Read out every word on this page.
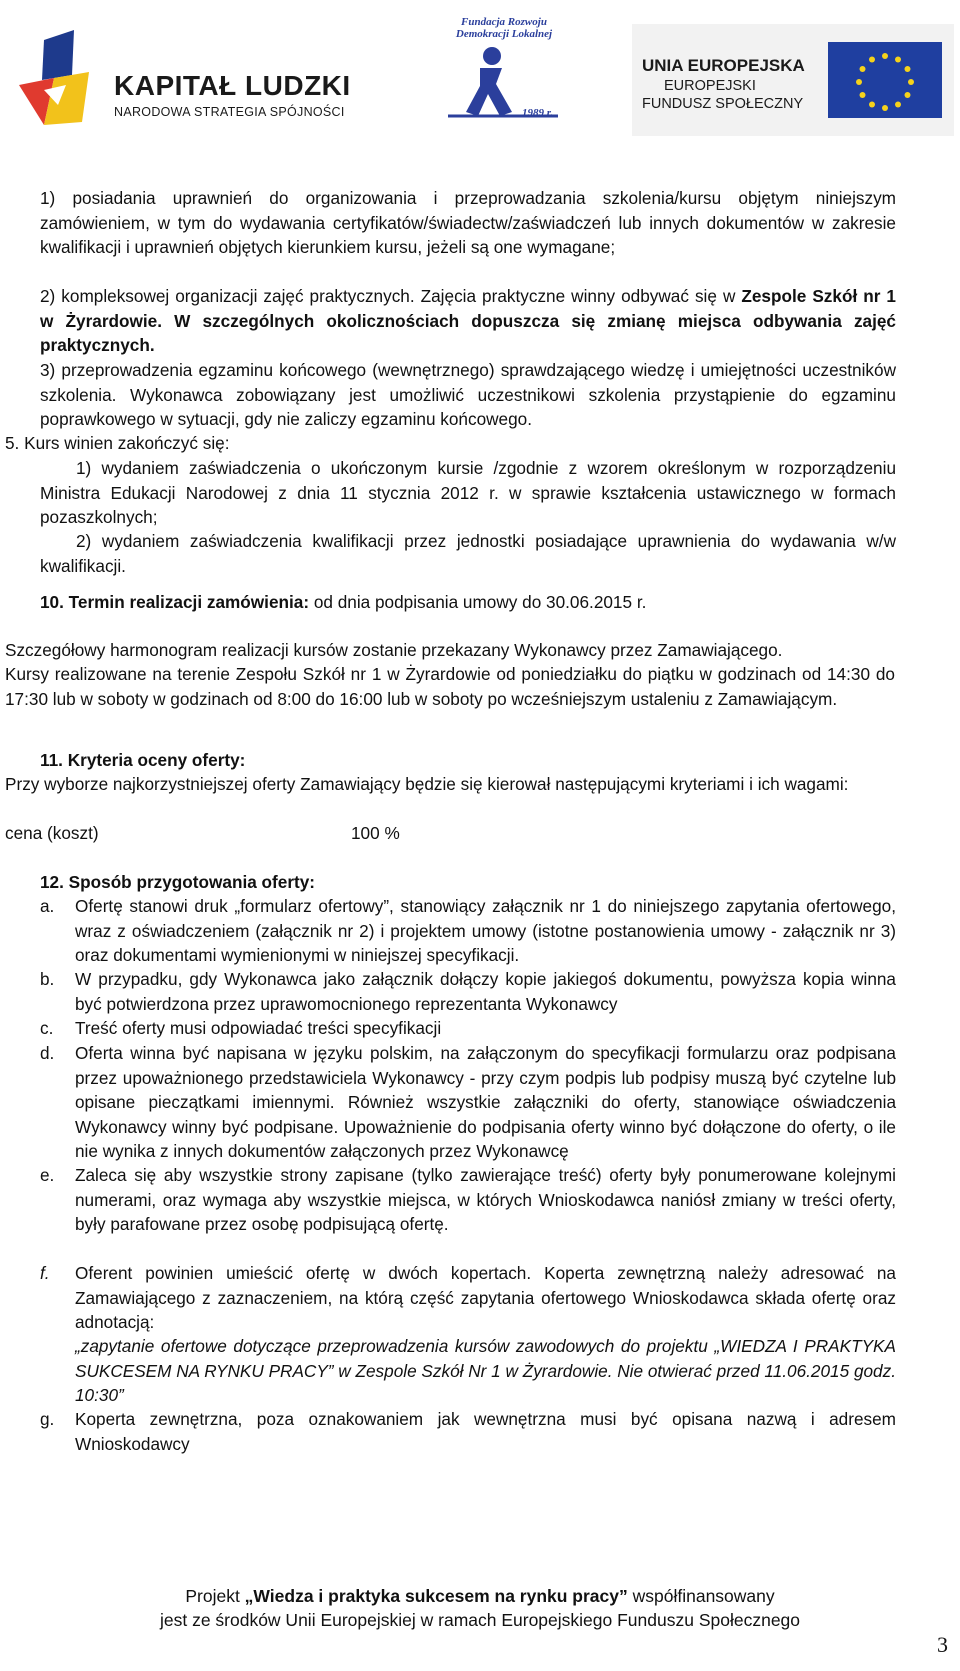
KAPITAŁ LUDZKI
NARODOWA STRATEGIA SPÓJNOŚCI
Fundacja Rozwoju Demokracji Lokalnej
1989 r.
UNIA EUROPEJSKA
EUROPEJSKI
FUNDUSZ SPOŁECZNY
1) posiadania uprawnień do organizowania i przeprowadzania szkolenia/kursu objętym niniejszym zamówieniem, w tym do wydawania certyfikatów/świadectw/zaświadczeń lub innych dokumentów w zakresie kwalifikacji i uprawnień objętych kierunkiem kursu, jeżeli są one wymagane;
2) kompleksowej organizacji zajęć praktycznych. Zajęcia praktyczne winny odbywać się w Zespole Szkół nr 1 w Żyrardowie. W szczególnych okolicznościach dopuszcza się zmianę miejsca odbywania zajęć praktycznych.
3) przeprowadzenia egzaminu końcowego (wewnętrznego) sprawdzającego wiedzę i umiejętności uczestników szkolenia. Wykonawca zobowiązany jest umożliwić uczestnikowi szkolenia przystąpienie do egzaminu poprawkowego w sytuacji, gdy nie zaliczy egzaminu końcowego.
5. Kurs winien zakończyć się:
1) wydaniem zaświadczenia o ukończonym kursie /zgodnie z wzorem określonym w rozporządzeniu Ministra Edukacji Narodowej z dnia 11 stycznia 2012 r. w sprawie kształcenia ustawicznego w formach pozaszkolnych;
2) wydaniem zaświadczenia kwalifikacji przez jednostki posiadające uprawnienia do wydawania w/w kwalifikacji.
10. Termin realizacji zamówienia: od dnia podpisania umowy do 30.06.2015 r.
Szczegółowy harmonogram realizacji kursów zostanie przekazany Wykonawcy przez Zamawiającego.
Kursy realizowane na terenie Zespołu Szkół nr 1 w Żyrardowie od poniedziałku do piątku w godzinach od 14:30 do 17:30 lub w soboty w godzinach od 8:00 do 16:00 lub w soboty po wcześniejszym ustaleniu z Zamawiającym.
11. Kryteria oceny oferty:
Przy wyborze najkorzystniejszej oferty Zamawiający będzie się kierował następującymi kryteriami i ich wagami:
cena (koszt)	100 %
12. Sposób przygotowania oferty:
a.	Ofertę stanowi druk „formularz ofertowy”, stanowiący załącznik nr 1 do niniejszego zapytania ofertowego, wraz z oświadczeniem (załącznik nr 2) i projektem umowy (istotne postanowienia umowy - załącznik nr 3) oraz dokumentami wymienionymi w niniejszej specyfikacji.
b.	W przypadku, gdy Wykonawca jako załącznik dołączy kopie jakiegoś dokumentu, powyższa kopia winna być potwierdzona przez uprawomocnionego reprezentanta Wykonawcy
c.	Treść oferty musi odpowiadać treści specyfikacji
d.	Oferta winna być napisana w języku polskim, na załączonym do specyfikacji formularzu oraz podpisana przez upoważnionego przedstawiciela Wykonawcy - przy czym podpis lub podpisy muszą być czytelne lub opisane pieczątkami imiennymi. Również wszystkie załączniki do oferty, stanowiące oświadczenia Wykonawcy winny być podpisane. Upoważnienie do podpisania oferty winno być dołączone do oferty, o ile nie wynika z innych dokumentów załączonych przez Wykonawcę
e.	Zaleca się aby wszystkie strony zapisane (tylko zawierające treść) oferty były ponumerowane kolejnymi numerami, oraz wymaga aby wszystkie miejsca, w których Wnioskodawca naniósł zmiany w treści oferty, były parafowane przez osobę podpisującą ofertę.
f.	Oferent powinien umieścić ofertę w dwóch kopertach. Koperta zewnętrzną należy adresować na Zamawiającego z zaznaczeniem, na którą część zapytania ofertowego Wnioskodawca składa ofertę oraz adnotacją:
„zapytanie ofertowe dotyczące przeprowadzenia kursów zawodowych do projektu „WIEDZA I PRAKTYKA SUKCESEM NA RYNKU PRACY” w Zespole Szkół Nr 1 w Żyrardowie. Nie otwierać przed 11.06.2015 godz. 10:30”
g.	Koperta zewnętrzna, poza oznakowaniem jak wewnętrzna musi być opisana nazwą i adresem Wnioskodawcy
Projekt „Wiedza i praktyka sukcesem na rynku pracy” współfinansowany
jest ze środków Unii Europejskiej w ramach Europejskiego Funduszu Społecznego
3
